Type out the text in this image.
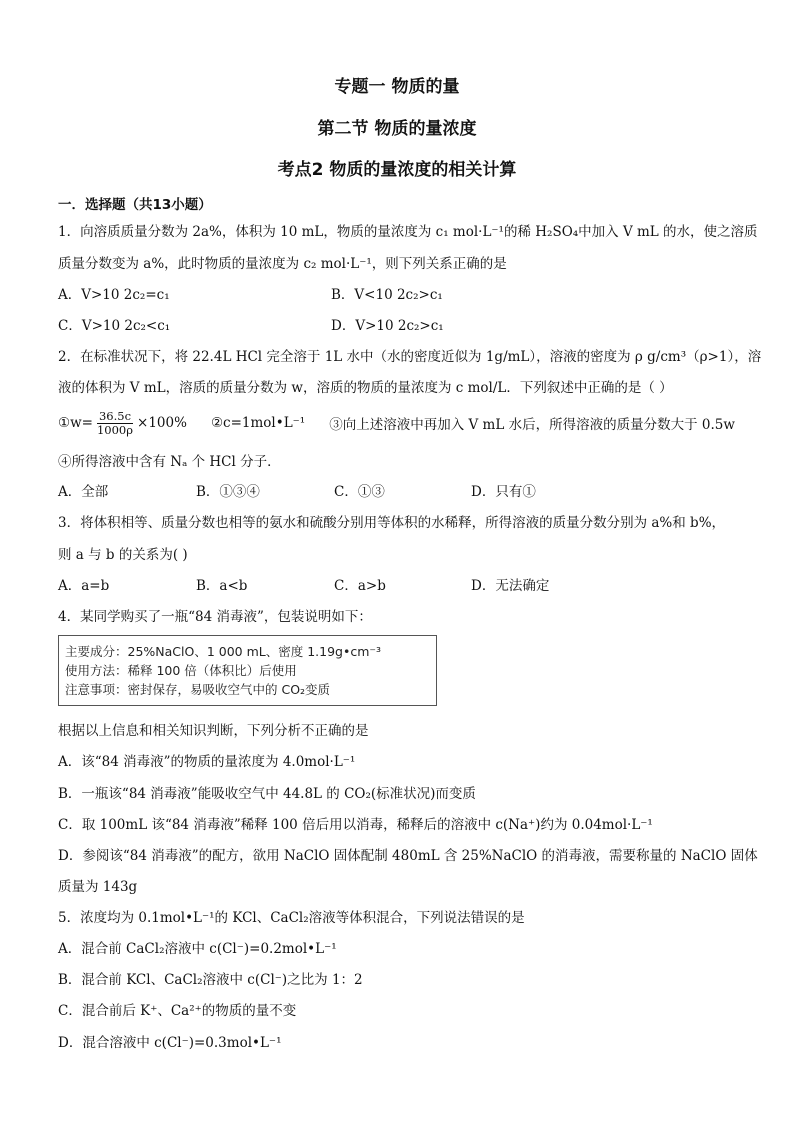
专题一 物质的量
第二节 物质的量浓度
考点2 物质的量浓度的相关计算
一．选择题（共13小题）
1．向溶质质量分数为 2a%，体积为 10 mL，物质的量浓度为 c₁ mol·L⁻¹的稀 H₂SO₄中加入 V mL 的水，使之溶质
质量分数变为 a%，此时物质的量浓度为 c₂ mol·L⁻¹，则下列关系正确的是
A．V>10 2c₂=c₁	B．V<10 2c₂>c₁
C．V>10 2c₂<c₁	D．V>10 2c₂>c₁
2．在标准状况下，将 22.4L HCl 完全溶于 1L 水中（水的密度近似为 1g/mL），溶液的密度为 ρ g/cm³（ρ>1），溶
液的体积为 V mL，溶质的质量分数为 w，溶质的物质的量浓度为 c mol/L．下列叙述中正确的是（ ）
①w= $\frac{36.5c}{1000\rho} \times 100\%$ ②c=1mol•L⁻¹ ③向上述溶液中再加入 V mL 水后，所得溶液的质量分数大于 0.5w
④所得溶液中含有 Nₐ 个 HCl 分子．
A．全部	B．①③④	C．①③	D．只有①
3．将体积相等、质量分数也相等的氨水和硫酸分别用等体积的水稀释，所得溶液的质量分数分别为 a%和 b%，
则 a 与 b 的关系为( )
A．a=b	B．a<b	C．a>b	D．无法确定
4．某同学购买了一瓶“84 消毒液”，包装说明如下：
主要成分：25%NaClO、1 000 mL、密度 1.19g•cm⁻³
使用方法：稀释 100 倍（体积比）后使用
注意事项：密封保存，易吸收空气中的 CO₂变质
根据以上信息和相关知识判断，下列分析不正确的是
A．该“84 消毒液”的物质的量浓度为 4.0mol·L⁻¹
B．一瓶该“84 消毒液”能吸收空气中 44.8L 的 CO₂(标准状况)而变质
C．取 100mL 该“84 消毒液”稀释 100 倍后用以消毒，稀释后的溶液中 c(Na⁺)约为 0.04mol·L⁻¹
D．参阅该“84 消毒液”的配方，欲用 NaClO 固体配制 480mL 含 25%NaClO 的消毒液，需要称量的 NaClO 固体
质量为 143g
5．浓度均为 0.1mol•L⁻¹的 KCl、CaCl₂溶液等体积混合，下列说法错误的是
A．混合前 CaCl₂溶液中 c(Cl⁻)=0.2mol•L⁻¹
B．混合前 KCl、CaCl₂溶液中 c(Cl⁻)之比为 1：2
C．混合前后 K⁺、Ca²⁺的物质的量不变
D．混合溶液中 c(Cl⁻)=0.3mol•L⁻¹
